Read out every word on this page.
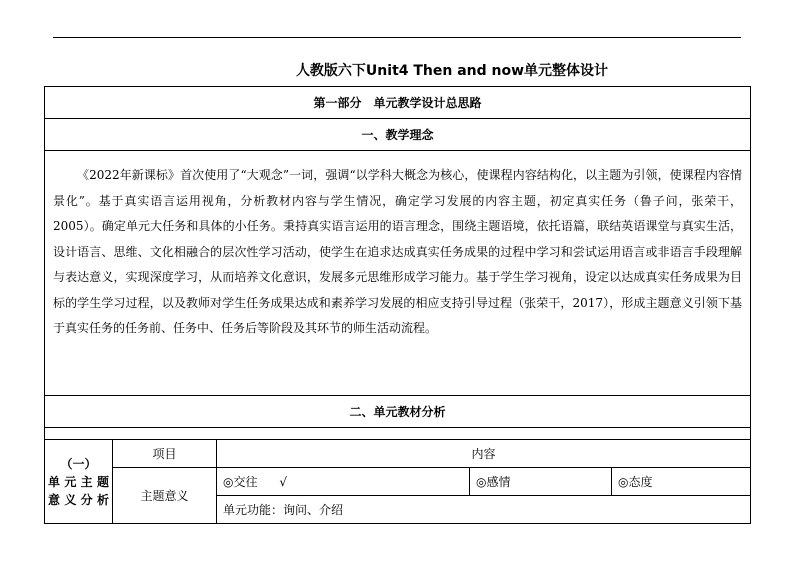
人教版六下Unit4 Then and now单元整体设计
第一部分　单元教学设计总思路				
一、教学理念				

《2022年新课标》首次使用了“大观念”一词，强调“以学科大概念为核心，使课程内容结构化，以主题为引领，使课程内容情景化”。基于真实语言运用视角，分析教材内容与学生情况，确定学习发展的内容主题，初定真实任务（鲁子问，张荣干，2005）。确定单元大任务和具体的小任务。秉持真实语言运用的语言理念，围绕主题语境，依托语篇，联结英语课堂与真实生活，设计语言、思维、文化相融合的层次性学习活动，使学生在追求达成真实任务成果的过程中学习和尝试运用语言或非语言手段理解与表达意义，实现深度学习，从而培养文化意识，发展多元思维形成学习能力。基于学生学习视角，设定以达成真实任务成果为目标的学生学习过程，以及教师对学生任务成果达成和素养学习发展的相应支持引导过程（张荣干，2017），形成主题意义引领下基于真实任务的任务前、任务中、任务后等阶段及其环节的师生活动流程。				

二、单元教材分析				

（一）
单元主题
意义分析	项目	内容		
	主题意义	◎交往 √	◎感情	◎态度
		单元功能：询问、介绍		
